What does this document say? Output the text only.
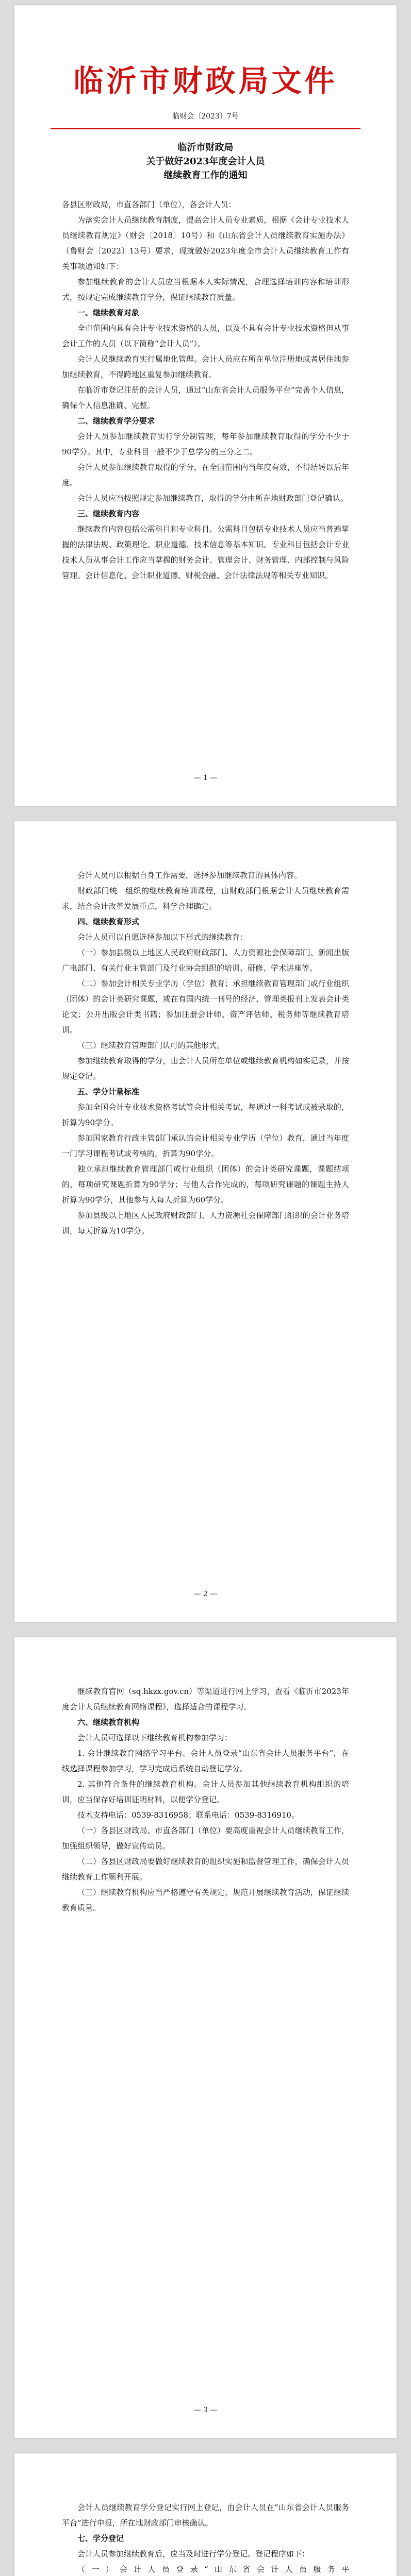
临沂市财政局文件
临财会〔2023〕7号
临沂市财政局
关于做好2023年度会计人员
继续教育工作的通知

各县区财政局，市直各部门（单位），各会计人员：

为落实会计人员继续教育制度，提高会计人员专业素质，根据《会计专业技术人员继续教育规定》（财会〔2018〕10号）和《山东省会计人员继续教育实施办法》（鲁财会〔2022〕13号）要求，现就做好2023年度全市会计人员继续教育工作有关事项通知如下：

参加继续教育的会计人员应当根据本人实际情况，合理选择培训内容和培训形式，按规定完成继续教育学分，保证继续教育质量。

一、继续教育对象

全市范围内具有会计专业技术资格的人员，以及不具有会计专业技术资格但从事会计工作的人员（以下简称“会计人员”）。

会计人员继续教育实行属地化管理。会计人员应在所在单位注册地或者居住地参加继续教育，不得跨地区重复参加继续教育。

在临沂市登记注册的会计人员，通过“山东省会计人员服务平台”完善个人信息，确保个人信息准确、完整。

二、继续教育学分要求

会计人员参加继续教育实行学分制管理，每年参加继续教育取得的学分不少于90学分。其中，专业科目一般不少于总学分的三分之二。

会计人员参加继续教育取得的学分，在全国范围内当年度有效，不得结转以后年度。

会计人员应当按照规定参加继续教育，取得的学分由所在地财政部门登记确认。

三、继续教育内容

继续教育内容包括公需科目和专业科目。公需科目包括专业技术人员应当普遍掌握的法律法规、政策理论、职业道德、技术信息等基本知识。专业科目包括会计专业技术人员从事会计工作应当掌握的财务会计、管理会计、财务管理、内部控制与风险管理、会计信息化、会计职业道德、财税金融、会计法律法规等相关专业知识。

— 1 —

会计人员可以根据自身工作需要，选择参加继续教育的具体内容。

财政部门统一组织的继续教育培训课程，由财政部门根据会计人员继续教育需求，结合会计改革发展重点，科学合理确定。

四、继续教育形式

会计人员可以自愿选择参加以下形式的继续教育：

（一）参加县级以上地区人民政府财政部门、人力资源社会保障部门、新闻出版广电部门、有关行业主管部门及行业协会组织的培训、研修、学术讲座等。

（二）参加会计相关专业学历（学位）教育；承担继续教育管理部门或行业组织（团体）的会计类研究课题，或在有国内统一刊号的经济、管理类报刊上发表会计类论文；公开出版会计类书籍；参加注册会计师、资产评估师、税务师等继续教育培训。

（三）继续教育管理部门认可的其他形式。

参加继续教育取得的学分，由会计人员所在单位或继续教育机构如实记录，并按规定登记。

五、学分计量标准

参加全国会计专业技术资格考试等会计相关考试，每通过一科考试或被录取的，折算为90学分。

参加国家教育行政主管部门承认的会计相关专业学历（学位）教育，通过当年度一门学习课程考试或考核的，折算为90学分。

独立承担继续教育管理部门或行业组织（团体）的会计类研究课题，课题结项的，每项研究课题折算为90学分；与他人合作完成的，每项研究课题的课题主持人折算为90学分，其他参与人每人折算为60学分。

参加县级以上地区人民政府财政部门、人力资源社会保障部门组织的会计业务培训，每天折算为10学分。

— 2 —

继续教育官网（sq.hkzx.gov.cn）等渠道进行网上学习，查看《临沂市2023年度会计人员继续教育网络课程》，选择适合的课程学习。

六、继续教育机构

会计人员可选择以下继续教育机构参加学习：

1. 会计继续教育网络学习平台。会计人员登录“山东省会计人员服务平台”，在线选择课程参加学习，学习完成后系统自动登记学分。

2. 其他符合条件的继续教育机构。会计人员参加其他继续教育机构组织的培训，应当保存好培训证明材料，以便学分登记。

技术支持电话：0539-8316958；联系电话：0539-8316910。

（一）各县区财政局、市直各部门（单位）要高度重视会计人员继续教育工作，加强组织领导，做好宣传动员。

（二）各县区财政局要做好继续教育的组织实施和监督管理工作，确保会计人员继续教育工作顺利开展。

（三）继续教育机构应当严格遵守有关规定，规范开展继续教育活动，保证继续教育质量。

— 3 —

会计人员继续教育学分登记实行网上登记，由会计人员在“山东省会计人员服务平台”进行申报，所在地财政部门审核确认。

七、学分登记

会计人员参加继续教育后，应当及时进行学分登记。登记程序如下：

（一）会计人员登录“山东省会计人员服务平
